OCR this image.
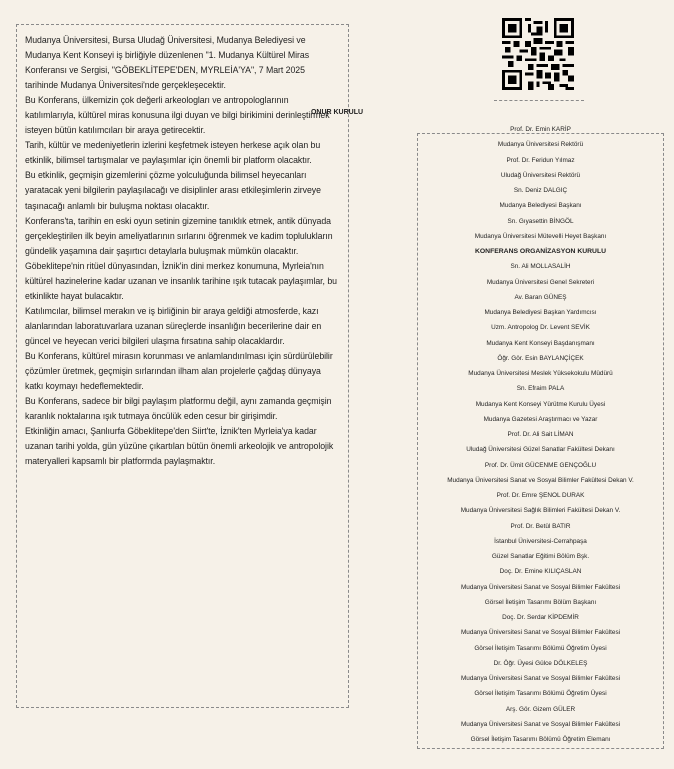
Mudanya Üniversitesi, Bursa Uludağ Üniversitesi, Mudanya Belediyesi ve Mudanya Kent Konseyi iş birliğiyle düzenlenen "1. Mudanya Kültürel Miras Konferansı ve Sergisi, "GÖBEKLİTEPE'DEN, MYRLEİA'YA", 7 Mart 2025 tarihinde Mudanya Üniversitesi'nde gerçekleşecektir.

Bu Konferans, ülkemizin çok değerli arkeologları ve antropologlarının katılımlarıyla, kültürel miras konusuna ilgi duyan ve bilgi birikimini derinleştirmek isteyen bütün katılımcıları bir araya getirecektir.

Tarih, kültür ve medeniyetlerin izlerini keşfetmek isteyen herkese açık olan bu etkinlik, bilimsel tartışmalar ve paylaşımlar için önemli bir platform olacaktır.

Bu etkinlik, geçmişin gizemlerini çözme yolculuğunda bilimsel heyecanları yaratacak yeni bilgilerin paylaşılacağı ve disiplinler arası etkileşimlerin zirveye taşınacağı anlamlı bir buluşma noktası olacaktır.

Konferans'ta, tarihin en eski oyun setinin gizemine tanıklık etmek, antik dünyada gerçekleştirilen ilk beyin ameliyatlarının sırlarını öğrenmek ve kadim toplulukların gündelik yaşamına dair şaşırtıcı detaylarla buluşmak mümkün olacaktır.

Göbeklitepe'nin ritüel dünyasından, İznik'in dini merkez konumuna, Myrleia'nın kültürel hazinelerine kadar uzanan ve insanlık tarihine ışık tutacak paylaşımlar, bu etkinlikte hayat bulacaktır.

Katılımcılar, bilimsel merakın ve iş birliğinin bir araya geldiği atmosferde, kazı alanlarından laboratuvarlara uzanan süreçlerde insanlığın becerilerine dair en güncel ve heyecan verici bilgileri ulaşma fırsatına sahip olacaklardır.

Bu Konferans, kültürel mirasın korunması ve anlamlandırılması için sürdürülebilir çözümler üretmek, geçmişin sırlarından ilham alan projelerle çağdaş dünyaya katkı koymayı hedeflemektedir.

Bu Konferans, sadece bir bilgi paylaşım platformu değil, aynı zamanda geçmişin karanlık noktalarına ışık tutmaya öncülük eden cesur bir girişimdir.

Etkinliğin amacı, Şanlıurfa Göbeklitepe'den Siirt'te, İznik'ten Myrleia'ya kadar uzanan tarihi yolda, gün yüzüne çıkartılan bütün önemli arkeolojik ve antropolojik materyalleri kapsamlı bir platformda paylaşmaktır.

ONUR KURULU
Prof. Dr. Emin KARİP
Mudanya Üniversitesi Rektörü
Prof. Dr. Feridun Yılmaz
Uludağ Üniversitesi Rektörü
Sn. Deniz DALGIÇ
Mudanya Belediyesi Başkanı
Sn. Gıyasettin BİNGÖL
Mudanya Üniversitesi Mütevelli Heyet Başkanı
KONFERANS ORGANİZASYON KURULU
Sn. Ali MOLLASALİH
Mudanya Üniversitesi Genel Sekreteri
Av. Baran GÜNEŞ
Mudanya Belediyesi Başkan Yardımcısı
Uzm. Antropolog Dr. Levent SEVİK
Mudanya Kent Konseyi Başdanışmanı
Öğr. Gör. Esin BAYLANÇİÇEK
Mudanya Üniversitesi Meslek Yüksekokulu Müdürü
Sn. Efraim PALA
Mudanya Kent Konseyi Yürütme Kurulu Üyesi
Mudanya Gazetesi Araştırmacı ve Yazar
Prof. Dr. Ali Sait LİMAN
Uludağ Üniversitesi Güzel Sanatlar Fakültesi Dekanı
Prof. Dr. Ümit GÜCENME GENÇOĞLU
Mudanya Üniversitesi Sanat ve Sosyal Bilimler Fakültesi Dekan V.
Prof. Dr. Emre ŞENOL DURAK
Mudanya Üniversitesi Sağlık Bilimleri Fakültesi Dekan V.
Prof. Dr. Betül BATIR
İstanbul Üniversitesi-Cerrahpaşa
Güzel Sanatlar Eğitimi Bölüm Bşk.
Doç. Dr. Emine KILIÇASLAN
Mudanya Üniversitesi Sanat ve Sosyal Bilimler Fakültesi
Görsel İletişim Tasarımı Bölüm Başkanı
Doç. Dr. Serdar KİPDEMİR
Mudanya Üniversitesi Sanat ve Sosyal Bilimler Fakültesi
Görsel İletişim Tasarımı Bölümü Öğretim Üyesi
Dr. Öğr. Üyesi Gülce DÖLKELEŞ
Mudanya Üniversitesi Sanat ve Sosyal Bilimler Fakültesi
Görsel İletişim Tasarımı Bölümü Öğretim Üyesi
Arş. Gör. Gizem GÜLER
Mudanya Üniversitesi Sanat ve Sosyal Bilimler Fakültesi
Görsel İletişim Tasarımı Bölümü Öğretim Elemanı
